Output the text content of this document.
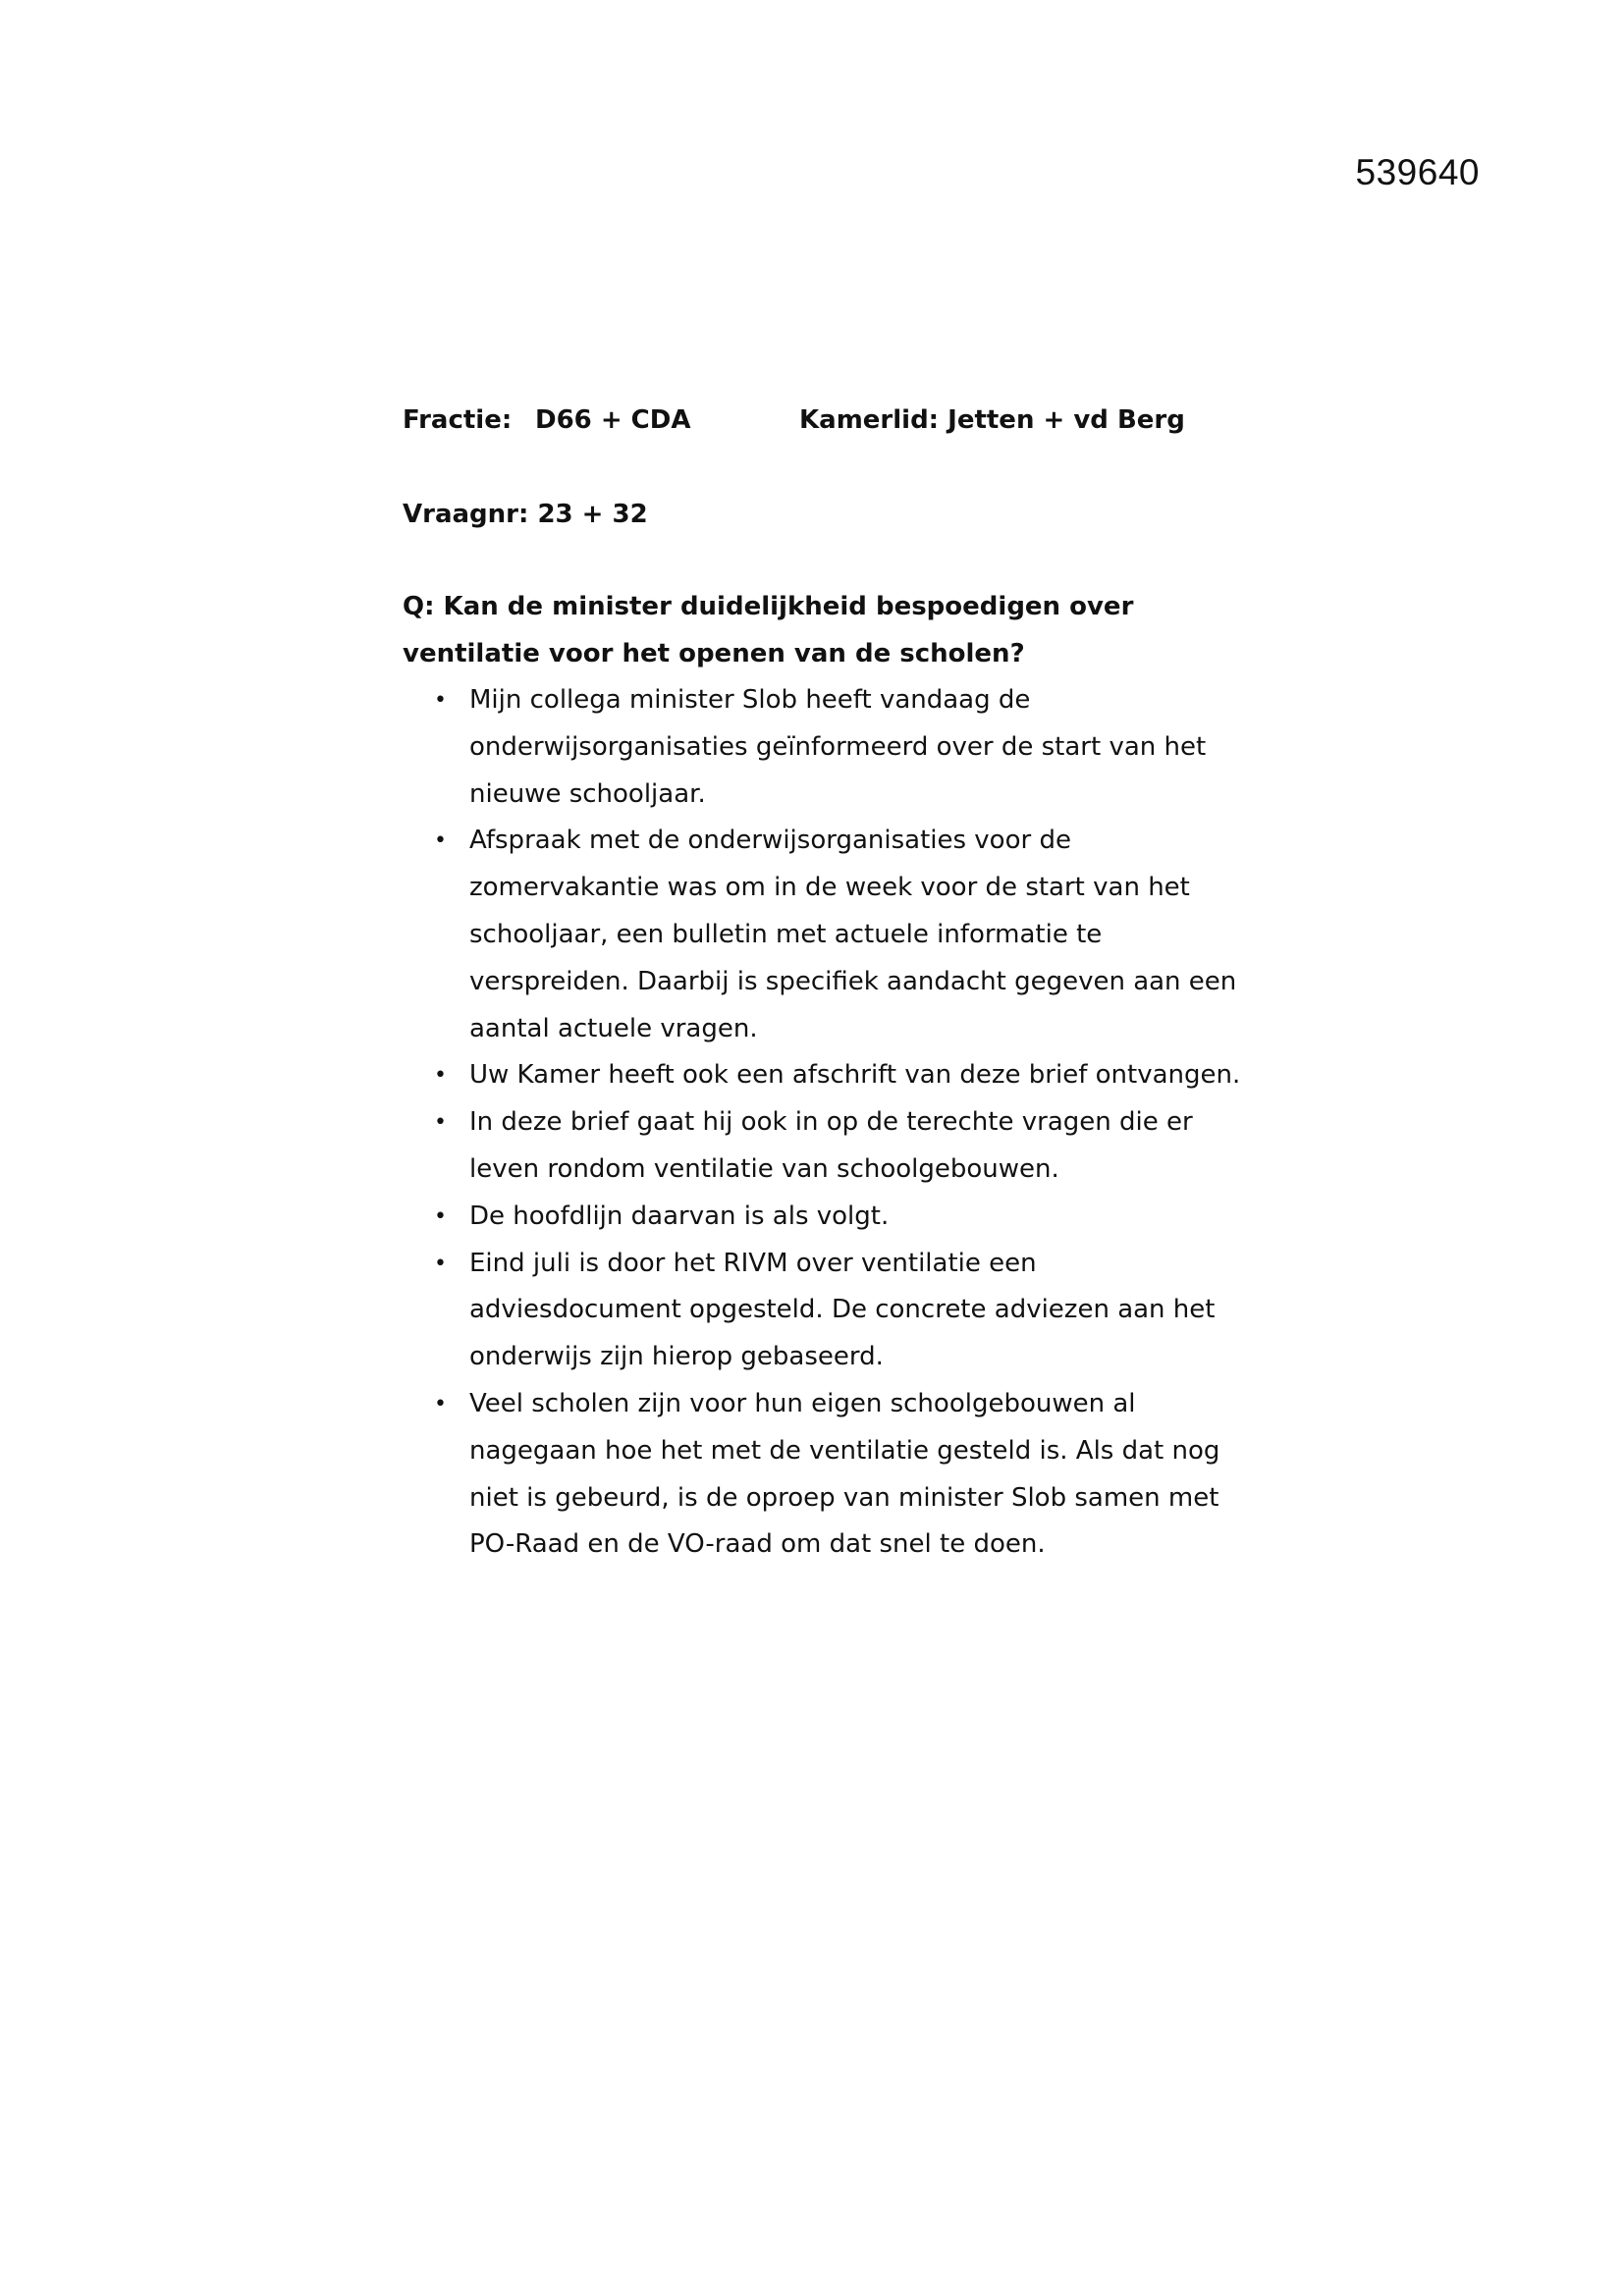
539640
Fractie: D66 + CDA	Kamerlid: Jetten + vd Berg
Vraagnr: 23 + 32
Q: Kan de minister duidelijkheid bespoedigen over ventilatie voor het openen van de scholen?
• Mijn collega minister Slob heeft vandaag de onderwijsorganisaties geïnformeerd over de start van het nieuwe schooljaar.
• Afspraak met de onderwijsorganisaties voor de zomervakantie was om in de week voor de start van het schooljaar, een bulletin met actuele informatie te verspreiden. Daarbij is specifiek aandacht gegeven aan een aantal actuele vragen.
• Uw Kamer heeft ook een afschrift van deze brief ontvangen.
• In deze brief gaat hij ook in op de terechte vragen die er leven rondom ventilatie van schoolgebouwen.
• De hoofdlijn daarvan is als volgt.
• Eind juli is door het RIVM over ventilatie een adviesdocument opgesteld. De concrete adviezen aan het onderwijs zijn hierop gebaseerd.
• Veel scholen zijn voor hun eigen schoolgebouwen al nagegaan hoe het met de ventilatie gesteld is. Als dat nog niet is gebeurd, is de oproep van minister Slob samen met PO-Raad en de VO-raad om dat snel te doen.
